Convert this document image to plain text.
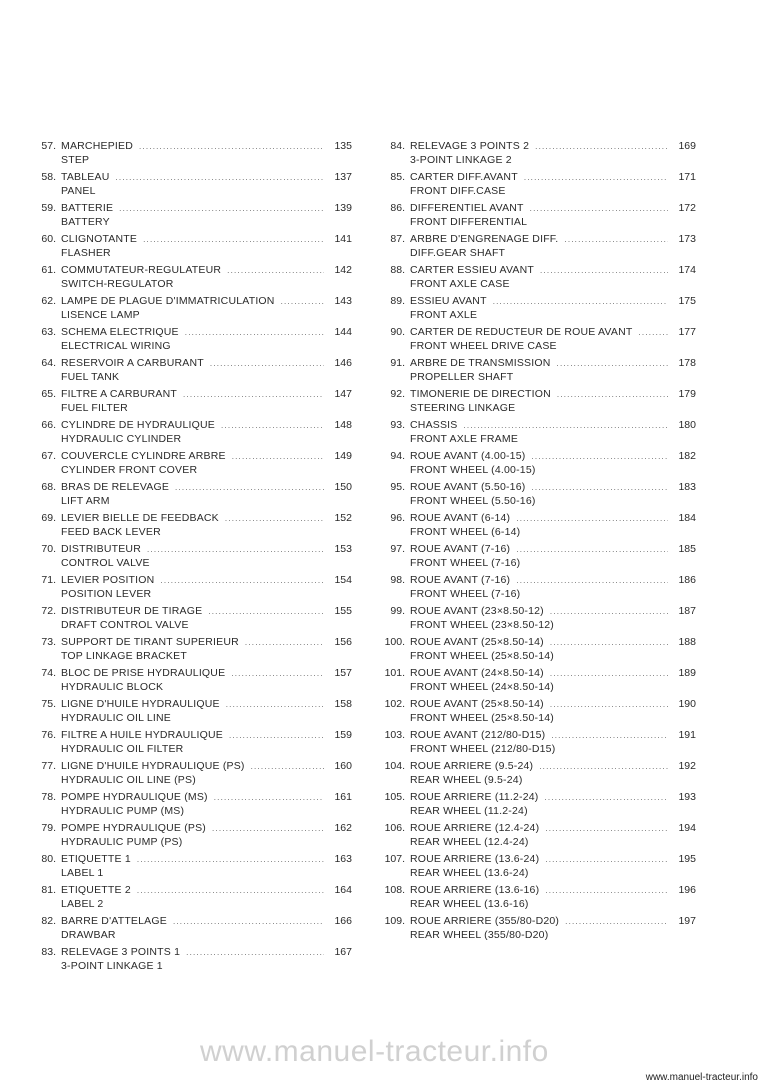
57. MARCHEPIED .....	135
STEP
58. TABLEAU .....	137
PANEL
59. BATTERIE .....	139
BATTERY
60. CLIGNOTANTE .....	141
FLASHER
61. COMMUTATEUR-REGULATEUR .....	142
SWITCH-REGULATOR
62. LAMPE DE PLAGUE D'IMMATRICULATION .....	143
LISENCE LAMP
63. SCHEMA ELECTRIQUE .....	144
ELECTRICAL WIRING
64. RESERVOIR A CARBURANT .....	146
FUEL TANK
65. FILTRE A CARBURANT .....	147
FUEL FILTER
66. CYLINDRE DE HYDRAULIQUE .....	148
HYDRAULIC CYLINDER
67. COUVERCLE CYLINDRE ARBRE .....	149
CYLINDER FRONT COVER
68. BRAS DE RELEVAGE .....	150
LIFT ARM
69. LEVIER BIELLE DE FEEDBACK .....	152
FEED BACK LEVER
70. DISTRIBUTEUR .....	153
CONTROL VALVE
71. LEVIER POSITION .....	154
POSITION LEVER
72. DISTRIBUTEUR DE TIRAGE .....	155
DRAFT CONTROL VALVE
73. SUPPORT DE TIRANT SUPERIEUR .....	156
TOP LINKAGE BRACKET
74. BLOC DE PRISE HYDRAULIQUE .....	157
HYDRAULIC BLOCK
75. LIGNE D'HUILE HYDRAULIQUE .....	158
HYDRAULIC OIL LINE
76. FILTRE A HUILE HYDRAULIQUE .....	159
HYDRAULIC OIL FILTER
77. LIGNE D'HUILE HYDRAULIQUE (PS) .....	160
HYDRAULIC OIL LINE (PS)
78. POMPE HYDRAULIQUE (MS) .....	161
HYDRAULIC PUMP (MS)
79. POMPE HYDRAULIQUE (PS) .....	162
HYDRAULIC PUMP (PS)
80. ETIQUETTE 1 .....	163
LABEL 1
81. ETIQUETTE 2 .....	164
LABEL 2
82. BARRE D'ATTELAGE .....	166
DRAWBAR
83. RELEVAGE 3 POINTS 1 .....	167
3-POINT LINKAGE 1
84. RELEVAGE 3 POINTS 2 .....	169
3-POINT LINKAGE 2
85. CARTER DIFF.AVANT .....	171
FRONT DIFF.CASE
86. DIFFERENTIEL AVANT .....	172
FRONT DIFFERENTIAL
87. ARBRE D'ENGRENAGE DIFF. .....	173
DIFF.GEAR SHAFT
88. CARTER ESSIEU AVANT .....	174
FRONT AXLE CASE
89. ESSIEU AVANT .....	175
FRONT AXLE
90. CARTER DE REDUCTEUR DE ROUE AVANT .....	177
FRONT WHEEL DRIVE CASE
91. ARBRE DE TRANSMISSION .....	178
PROPELLER SHAFT
92. TIMONERIE DE DIRECTION .....	179
STEERING LINKAGE
93. CHASSIS .....	180
FRONT AXLE FRAME
94. ROUE AVANT (4.00-15) .....	182
FRONT WHEEL (4.00-15)
95. ROUE AVANT (5.50-16) .....	183
FRONT WHEEL (5.50-16)
96. ROUE AVANT (6-14) .....	184
FRONT WHEEL (6-14)
97. ROUE AVANT (7-16) .....	185
FRONT WHEEL (7-16)
98. ROUE AVANT (7-16) .....	186
FRONT WHEEL (7-16)
99. ROUE AVANT (23×8.50-12) .....	187
FRONT WHEEL (23×8.50-12)
100. ROUE AVANT (25×8.50-14) .....	188
FRONT WHEEL (25×8.50-14)
101. ROUE AVANT (24×8.50-14) .....	189
FRONT WHEEL (24×8.50-14)
102. ROUE AVANT (25×8.50-14) .....	190
FRONT WHEEL (25×8.50-14)
103. ROUE AVANT (212/80-D15) .....	191
FRONT WHEEL (212/80-D15)
104. ROUE ARRIERE (9.5-24) .....	192
REAR WHEEL (9.5-24)
105. ROUE ARRIERE (11.2-24) .....	193
REAR WHEEL (11.2-24)
106. ROUE ARRIERE (12.4-24) .....	194
REAR WHEEL (12.4-24)
107. ROUE ARRIERE (13.6-24) .....	195
REAR WHEEL (13.6-24)
108. ROUE ARRIERE (13.6-16) .....	196
REAR WHEEL (13.6-16)
109. ROUE ARRIERE (355/80-D20) .....	197
REAR WHEEL (355/80-D20)
www.manuel-tracteur.info
www.manuel-tracteur.info
